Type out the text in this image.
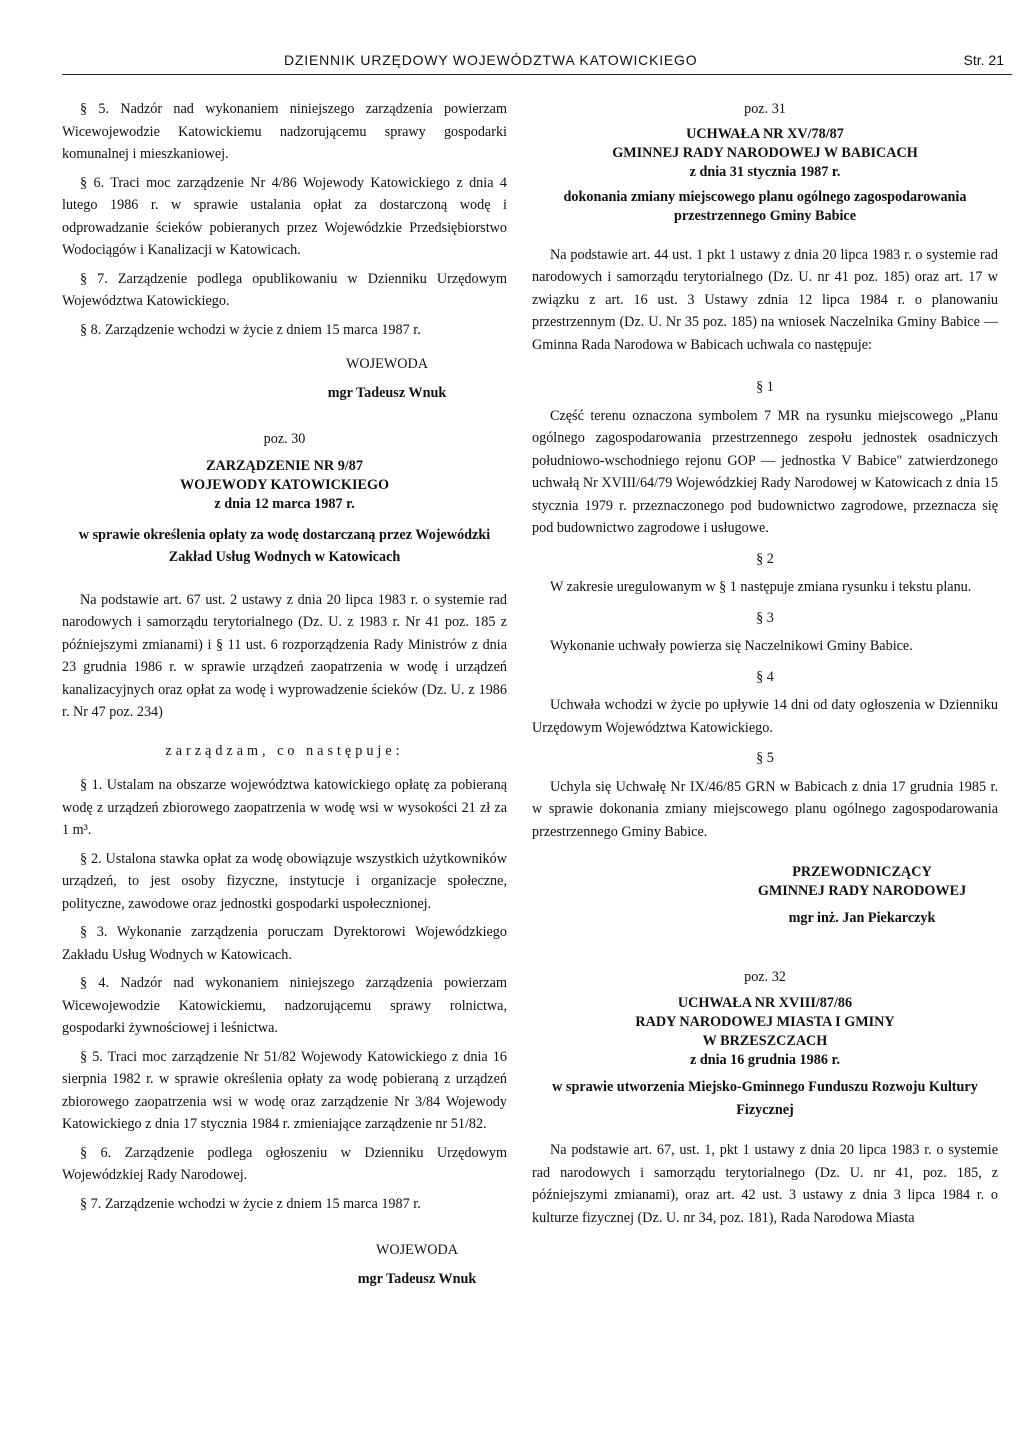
DZIENNIK URZĘDOWY WOJEWÓDZTWA KATOWICKIEGO	Str. 21

§ 5. Nadzór nad wykonaniem niniejszego zarządzenia powierzam Wicewojewodzie Katowickiemu nadzorującemu sprawy gospodarki komunalnej i mieszkaniowej.

§ 6. Traci moc zarządzenie Nr 4/86 Wojewody Katowickiego z dnia 4 lutego 1986 r. w sprawie ustalania opłat za dostarczoną wodę i odprowadzanie ścieków pobieranych przez Wojewódzkie Przedsiębiorstwo Wodociągów i Kanalizacji w Katowicach.

§ 7. Zarządzenie podlega opublikowaniu w Dzienniku Urzędowym Województwa Katowickiego.

§ 8. Zarządzenie wchodzi w życie z dniem 15 marca 1987 r.

WOJEWODA

mgr Tadeusz Wnuk

poz. 30

ZARZĄDZENIE NR 9/87

WOJEWODY KATOWICKIEGO

z dnia 12 marca 1987 r.

w sprawie określenia opłaty za wodę dostarczaną przez Wojewódzki Zakład Usług Wodnych w Katowicach

Na podstawie art. 67 ust. 2 ustawy z dnia 20 lipca 1983 r. o systemie rad narodowych i samorządu terytorialnego (Dz. U. z 1983 r. Nr 41 poz. 185 z późniejszymi zmianami) i § 11 ust. 6 rozporządzenia Rady Ministrów z dnia 23 grudnia 1986 r. w sprawie urządzeń zaopatrzenia w wodę i urządzeń kanalizacyjnych oraz opłat za wodę i wyprowadzenie ścieków (Dz. U. z 1986 r. Nr 47 poz. 234)

zarządzam, co następuje:

§ 1. Ustalam na obszarze województwa katowickiego opłatę za pobieraną wodę z urządzeń zbiorowego zaopatrzenia w wodę wsi w wysokości 21 zł za 1 m³.

§ 2. Ustalona stawka opłat za wodę obowiązuje wszystkich użytkowników urządzeń, to jest osoby fizyczne, instytucje i organizacje społeczne, polityczne, zawodowe oraz jednostki gospodarki uspołecznionej.

§ 3. Wykonanie zarządzenia poruczam Dyrektorowi Wojewódzkiego Zakładu Usług Wodnych w Katowicach.

§ 4. Nadzór nad wykonaniem niniejszego zarządzenia powierzam Wicewojewodzie Katowickiemu, nadzorującemu sprawy rolnictwa, gospodarki żywnościowej i leśnictwa.

§ 5. Traci moc zarządzenie Nr 51/82 Wojewody Katowickiego z dnia 16 sierpnia 1982 r. w sprawie określenia opłaty za wodę pobieraną z urządzeń zbiorowego zaopatrzenia wsi w wodę oraz zarządzenie Nr 3/84 Wojewody Katowickiego z dnia 17 stycznia 1984 r. zmieniające zarządzenie nr 51/82.

§ 6. Zarządzenie podlega ogłoszeniu w Dzienniku Urzędowym Wojewódzkiej Rady Narodowej.

§ 7. Zarządzenie wchodzi w życie z dniem 15 marca 1987 r.

WOJEWODA

mgr Tadeusz Wnuk

poz. 31

UCHWAŁA NR XV/78/87

GMINNEJ RADY NARODOWEJ W BABICACH

z dnia 31 stycznia 1987 r.

dokonania zmiany miejscowego planu ogólnego zagospodarowania przestrzennego Gminy Babice

Na podstawie art. 44 ust. 1 pkt 1 ustawy z dnia 20 lipca 1983 r. o systemie rad narodowych i samorządu terytorialnego (Dz. U. nr 41 poz. 185) oraz art. 17 w związku z art. 16 ust. 3 Ustawy zdnia 12 lipca 1984 r. o planowaniu przestrzennym (Dz. U. Nr 35 poz. 185) na wniosek Naczelnika Gminy Babice — Gminna Rada Narodowa w Babicach uchwala co następuje:

§ 1

Część terenu oznaczona symbolem 7 MR na rysunku miejscowego „Planu ogólnego zagospodarowania przestrzennego zespołu jednostek osadniczych południowo-wschodniego rejonu GOP — jednostka V Babice" zatwierdzonego uchwałą Nr XVIII/64/79 Wojewódzkiej Rady Narodowej w Katowicach z dnia 15 stycznia 1979 r. przeznaczonego pod budownictwo zagrodowe, przeznacza się pod budownictwo zagrodowe i usługowe.

§ 2

W zakresie uregulowanym w § 1 następuje zmiana rysunku i tekstu planu.

§ 3

Wykonanie uchwały powierza się Naczelnikowi Gminy Babice.

§ 4

Uchwała wchodzi w życie po upływie 14 dni od daty ogłoszenia w Dzienniku Urzędowym Województwa Katowickiego.

§ 5

Uchyla się Uchwałę Nr IX/46/85 GRN w Babicach z dnia 17 grudnia 1985 r. w sprawie dokonania zmiany miejscowego planu ogólnego zagospodarowania przestrzennego Gminy Babice.

PRZEWODNICZĄCY

GMINNEJ RADY NARODOWEJ

mgr inż. Jan Piekarczyk

poz. 32

UCHWAŁA NR XVIII/87/86

RADY NARODOWEJ MIASTA I GMINY

W BRZESZCZACH

z dnia 16 grudnia 1986 r.

w sprawie utworzenia Miejsko-Gminnego Funduszu Rozwoju Kultury Fizycznej

Na podstawie art. 67, ust. 1, pkt 1 ustawy z dnia 20 lipca 1983 r. o systemie rad narodowych i samorządu terytorialnego (Dz. U. nr 41, poz. 185, z późniejszymi zmianami), oraz art. 42 ust. 3 ustawy z dnia 3 lipca 1984 r. o kulturze fizycznej (Dz. U. nr 34, poz. 181), Rada Narodowa Miasta
